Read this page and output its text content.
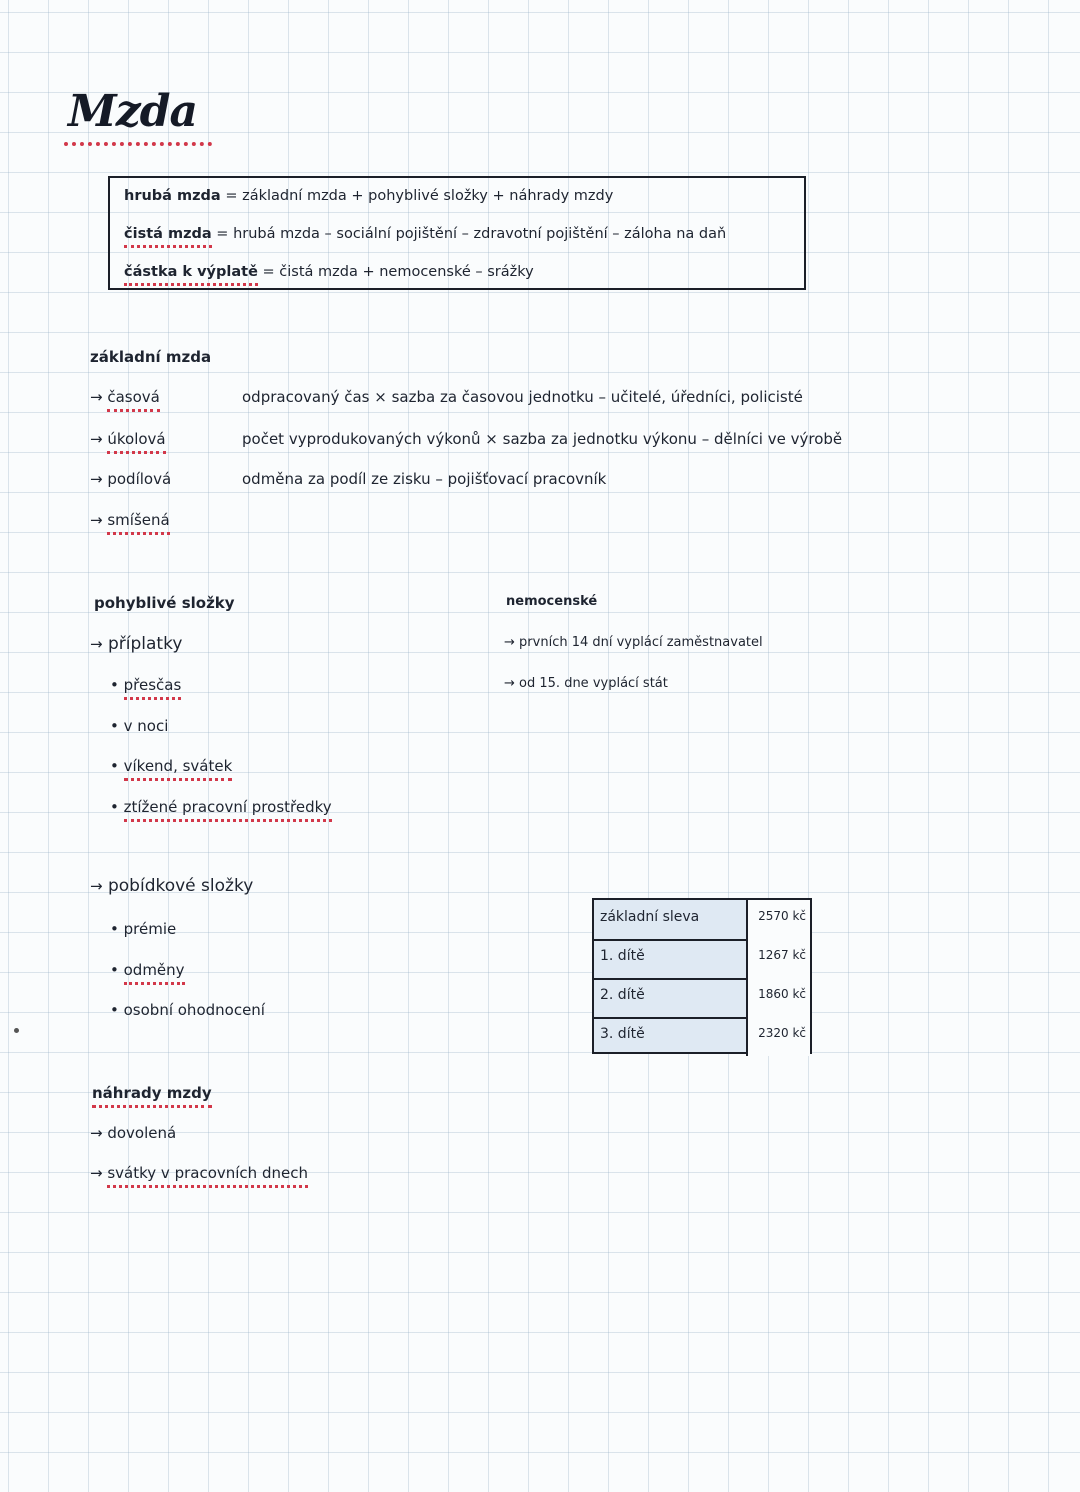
Mzda
hrubá mzda = základní mzda + pohyblivé složky + náhrady mzdy
čistá mzda = hrubá mzda – sociální pojištění – zdravotní pojištění – záloha na daň
částka k výplatě = čistá mzda + nemocenské – srážky
základní mzda
→ časová	odpracovaný čas × sazba za časovou jednotku – učitelé, úředníci, policisté
→ úkolová	počet vyprodukovaných výkonů × sazba za jednotku výkonu – dělníci ve výrobě
→ podílová	odměna za podíl ze zisku – pojišťovací pracovník
→ smíšená
pohyblivé složky
→ příplatky
• přesčas
• v noci
• víkend, svátek
• ztížené pracovní prostředky
→ pobídkové složky
• prémie
• odměny
• osobní ohodnocení
nemocenské
→ prvních 14 dní vyplácí zaměstnavatel
→ od 15. dne vyplácí stát
základní sleva	2570 kč
1. dítě	1267 kč
2. dítě	1860 kč
3. dítě	2320 kč
náhrady mzdy
→ dovolená
→ svátky v pracovních dnech
